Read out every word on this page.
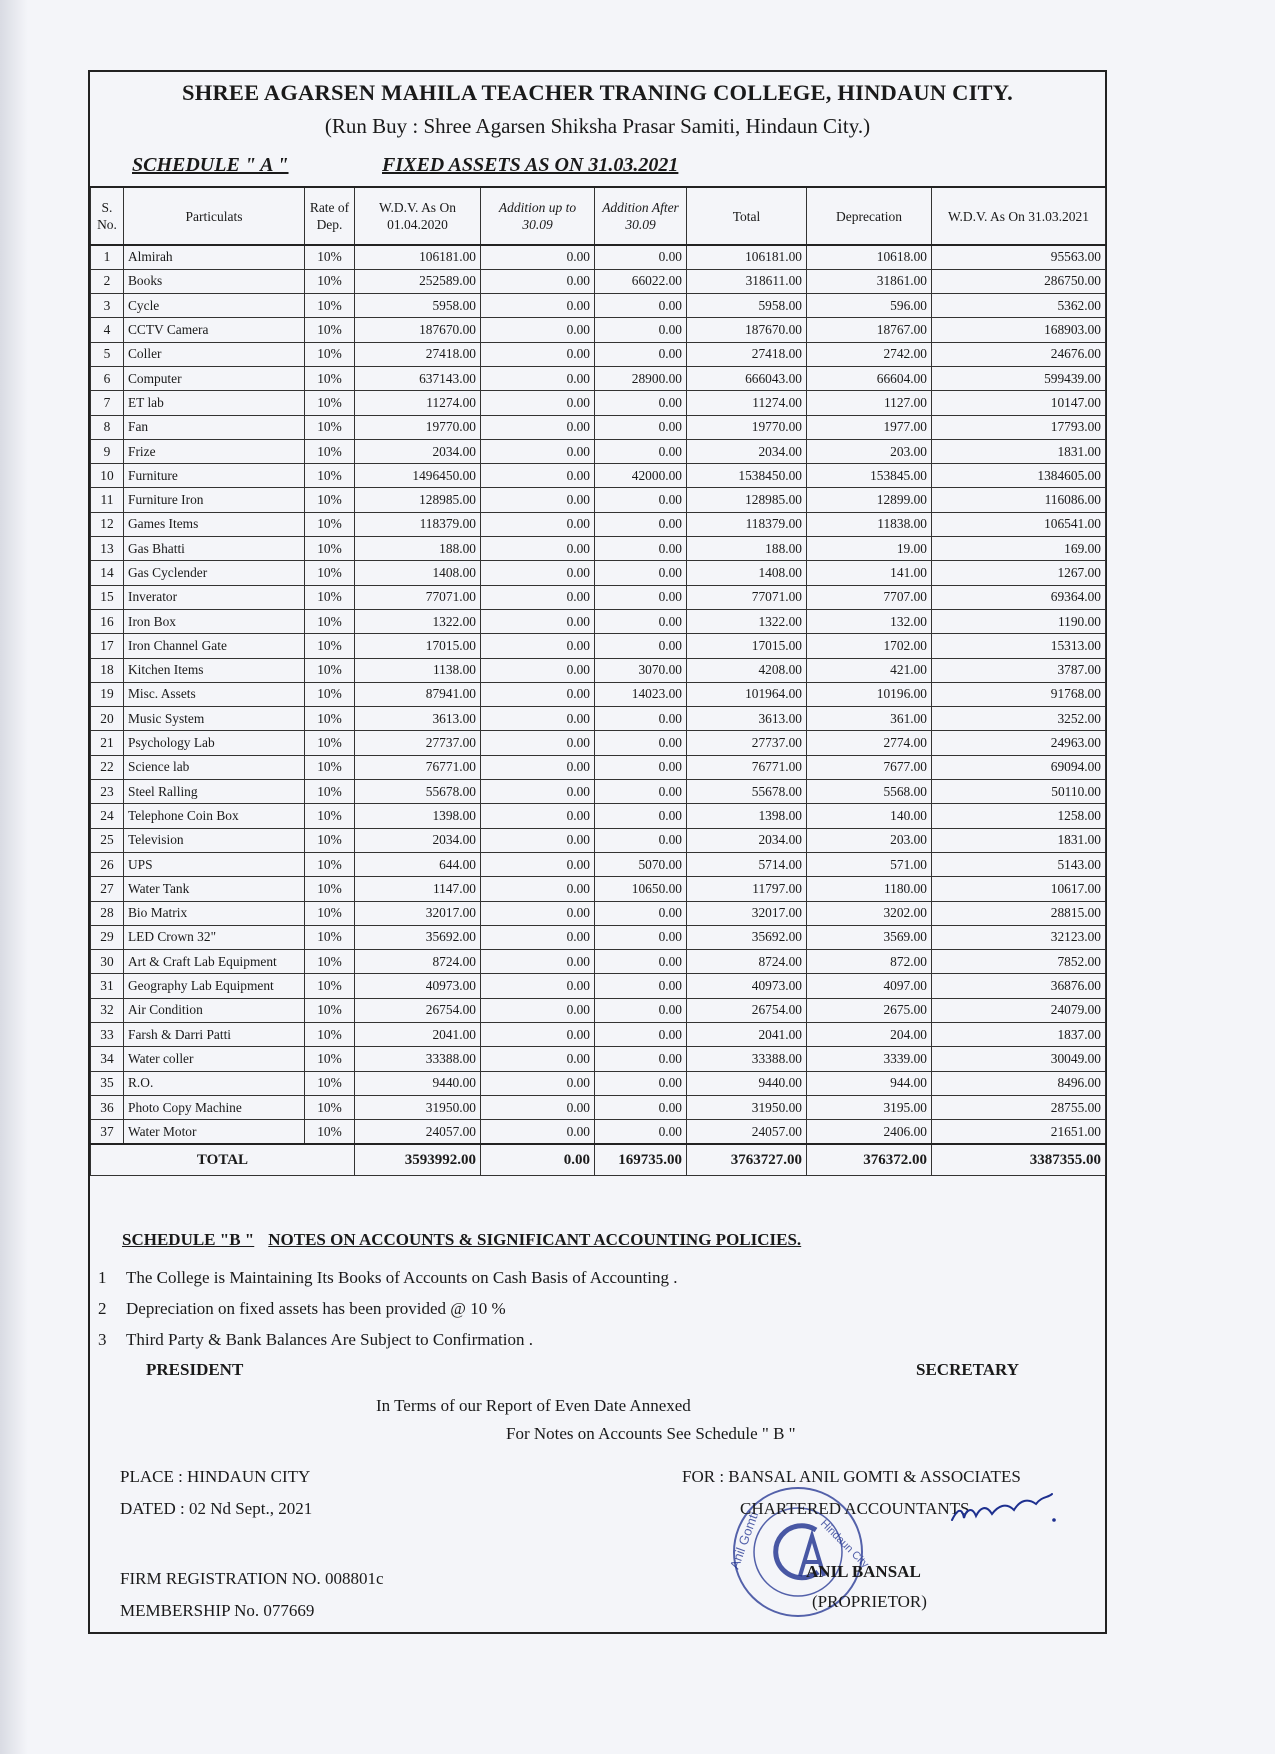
SHREE AGARSEN MAHILA TEACHER TRANING COLLEGE, HINDAUN CITY.
(Run Buy : Shree Agarsen Shiksha Prasar Samiti, Hindaun City.)
SCHEDULE " A "	FIXED ASSETS AS ON 31.03.2021
S. No.	Particulats	Rate of Dep.	W.D.V. As On 01.04.2020	Addition up to 30.09	Addition After 30.09	Total	Deprecation	W.D.V. As On 31.03.2021
1	Almirah	10%	106181.00	0.00	0.00	106181.00	10618.00	95563.00
2	Books	10%	252589.00	0.00	66022.00	318611.00	31861.00	286750.00
3	Cycle	10%	5958.00	0.00	0.00	5958.00	596.00	5362.00
4	CCTV Camera	10%	187670.00	0.00	0.00	187670.00	18767.00	168903.00
5	Coller	10%	27418.00	0.00	0.00	27418.00	2742.00	24676.00
6	Computer	10%	637143.00	0.00	28900.00	666043.00	66604.00	599439.00
7	ET lab	10%	11274.00	0.00	0.00	11274.00	1127.00	10147.00
8	Fan	10%	19770.00	0.00	0.00	19770.00	1977.00	17793.00
9	Frize	10%	2034.00	0.00	0.00	2034.00	203.00	1831.00
10	Furniture	10%	1496450.00	0.00	42000.00	1538450.00	153845.00	1384605.00
11	Furniture Iron	10%	128985.00	0.00	0.00	128985.00	12899.00	116086.00
12	Games Items	10%	118379.00	0.00	0.00	118379.00	11838.00	106541.00
13	Gas Bhatti	10%	188.00	0.00	0.00	188.00	19.00	169.00
14	Gas Cyclender	10%	1408.00	0.00	0.00	1408.00	141.00	1267.00
15	Inverator	10%	77071.00	0.00	0.00	77071.00	7707.00	69364.00
16	Iron Box	10%	1322.00	0.00	0.00	1322.00	132.00	1190.00
17	Iron Channel Gate	10%	17015.00	0.00	0.00	17015.00	1702.00	15313.00
18	Kitchen Items	10%	1138.00	0.00	3070.00	4208.00	421.00	3787.00
19	Misc. Assets	10%	87941.00	0.00	14023.00	101964.00	10196.00	91768.00
20	Music System	10%	3613.00	0.00	0.00	3613.00	361.00	3252.00
21	Psychology Lab	10%	27737.00	0.00	0.00	27737.00	2774.00	24963.00
22	Science lab	10%	76771.00	0.00	0.00	76771.00	7677.00	69094.00
23	Steel Ralling	10%	55678.00	0.00	0.00	55678.00	5568.00	50110.00
24	Telephone Coin Box	10%	1398.00	0.00	0.00	1398.00	140.00	1258.00
25	Television	10%	2034.00	0.00	0.00	2034.00	203.00	1831.00
26	UPS	10%	644.00	0.00	5070.00	5714.00	571.00	5143.00
27	Water Tank	10%	1147.00	0.00	10650.00	11797.00	1180.00	10617.00
28	Bio Matrix	10%	32017.00	0.00	0.00	32017.00	3202.00	28815.00
29	LED Crown 32"	10%	35692.00	0.00	0.00	35692.00	3569.00	32123.00
30	Art & Craft Lab Equipment	10%	8724.00	0.00	0.00	8724.00	872.00	7852.00
31	Geography Lab Equipment	10%	40973.00	0.00	0.00	40973.00	4097.00	36876.00
32	Air Condition	10%	26754.00	0.00	0.00	26754.00	2675.00	24079.00
33	Farsh & Darri Patti	10%	2041.00	0.00	0.00	2041.00	204.00	1837.00
34	Water coller	10%	33388.00	0.00	0.00	33388.00	3339.00	30049.00
35	R.O.	10%	9440.00	0.00	0.00	9440.00	944.00	8496.00
36	Photo Copy Machine	10%	31950.00	0.00	0.00	31950.00	3195.00	28755.00
37	Water Motor	10%	24057.00	0.00	0.00	24057.00	2406.00	21651.00
TOTAL			3593992.00	0.00	169735.00	3763727.00	376372.00	3387355.00
SCHEDULE "B " NOTES ON ACCOUNTS & SIGNIFICANT ACCOUNTING POLICIES.
1	The College is Maintaining Its Books of Accounts on Cash Basis of Accounting .
2	Depreciation on fixed assets has been provided @ 10 %
3	Third Party & Bank Balances Are Subject to Confirmation .
PRESIDENT	SECRETARY
In Terms of our Report of Even Date Annexed
For Notes on Accounts See Schedule " B "
PLACE : HINDAUN CITY
DATED : 02 Nd Sept., 2021
FIRM REGISTRATION NO. 008801c
MEMBERSHIP No. 077669
Anil Gomti	Hindaun City
FOR : BANSAL ANIL GOMTI & ASSOCIATES
CHARTERED ACCOUNTANTS
ANIL BANSAL
(PROPRIETOR)
